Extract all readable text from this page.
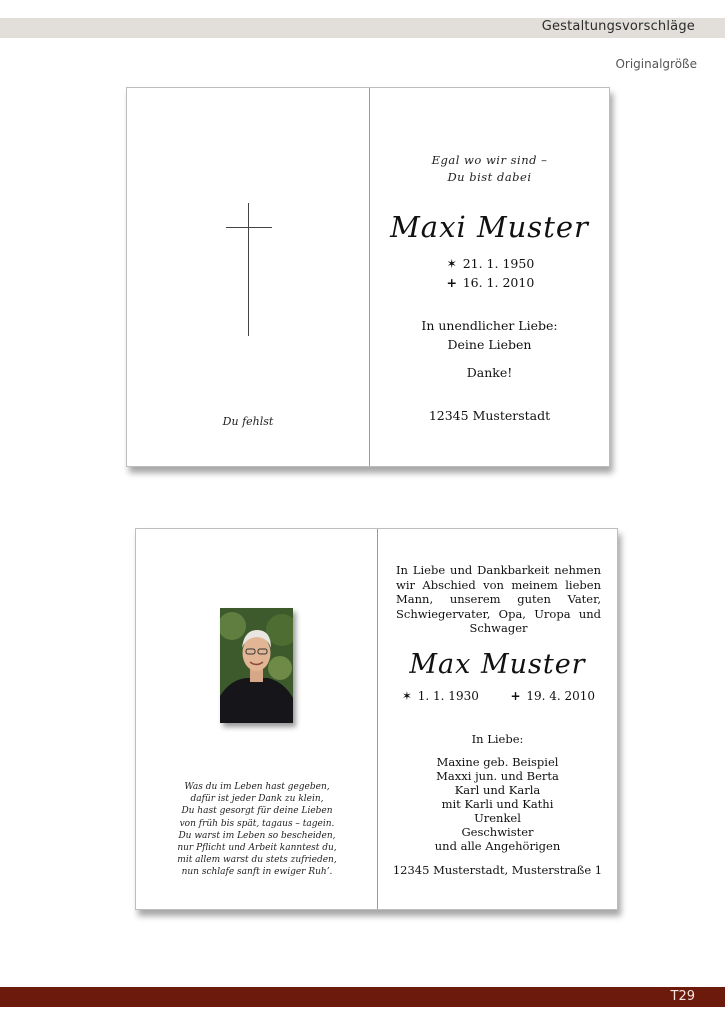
Gestaltungsvorschläge
Originalgröße
Du fehlst
Egal wo wir sind –
Du bist dabei
Maxi Muster
✶ 21. 1. 1950
+ 16. 1. 2010
In unendlicher Liebe:
Deine Lieben
Danke!
12345 Musterstadt
Was du im Leben hast gegeben,
dafür ist jeder Dank zu klein,
Du hast gesorgt für deine Lieben
von früh bis spät, tagaus – tagein.
Du warst im Leben so bescheiden,
nur Pflicht und Arbeit kanntest du,
mit allem warst du stets zufrieden,
nun schlafe sanft in ewiger Ruh’.
In Liebe und Dankbarkeit nehmen wir Abschied von meinem lieben Mann, unserem guten Vater, Schwiegervater, Opa, Uropa und Schwager
Max Muster
✶ 1. 1. 1930	+ 19. 4. 2010
In Liebe:
Maxine geb. Beispiel
Maxxi jun. und Berta
Karl und Karla
mit Karli und Kathi
Urenkel
Geschwister
und alle Angehörigen
12345 Musterstadt, Musterstraße 1
T29
